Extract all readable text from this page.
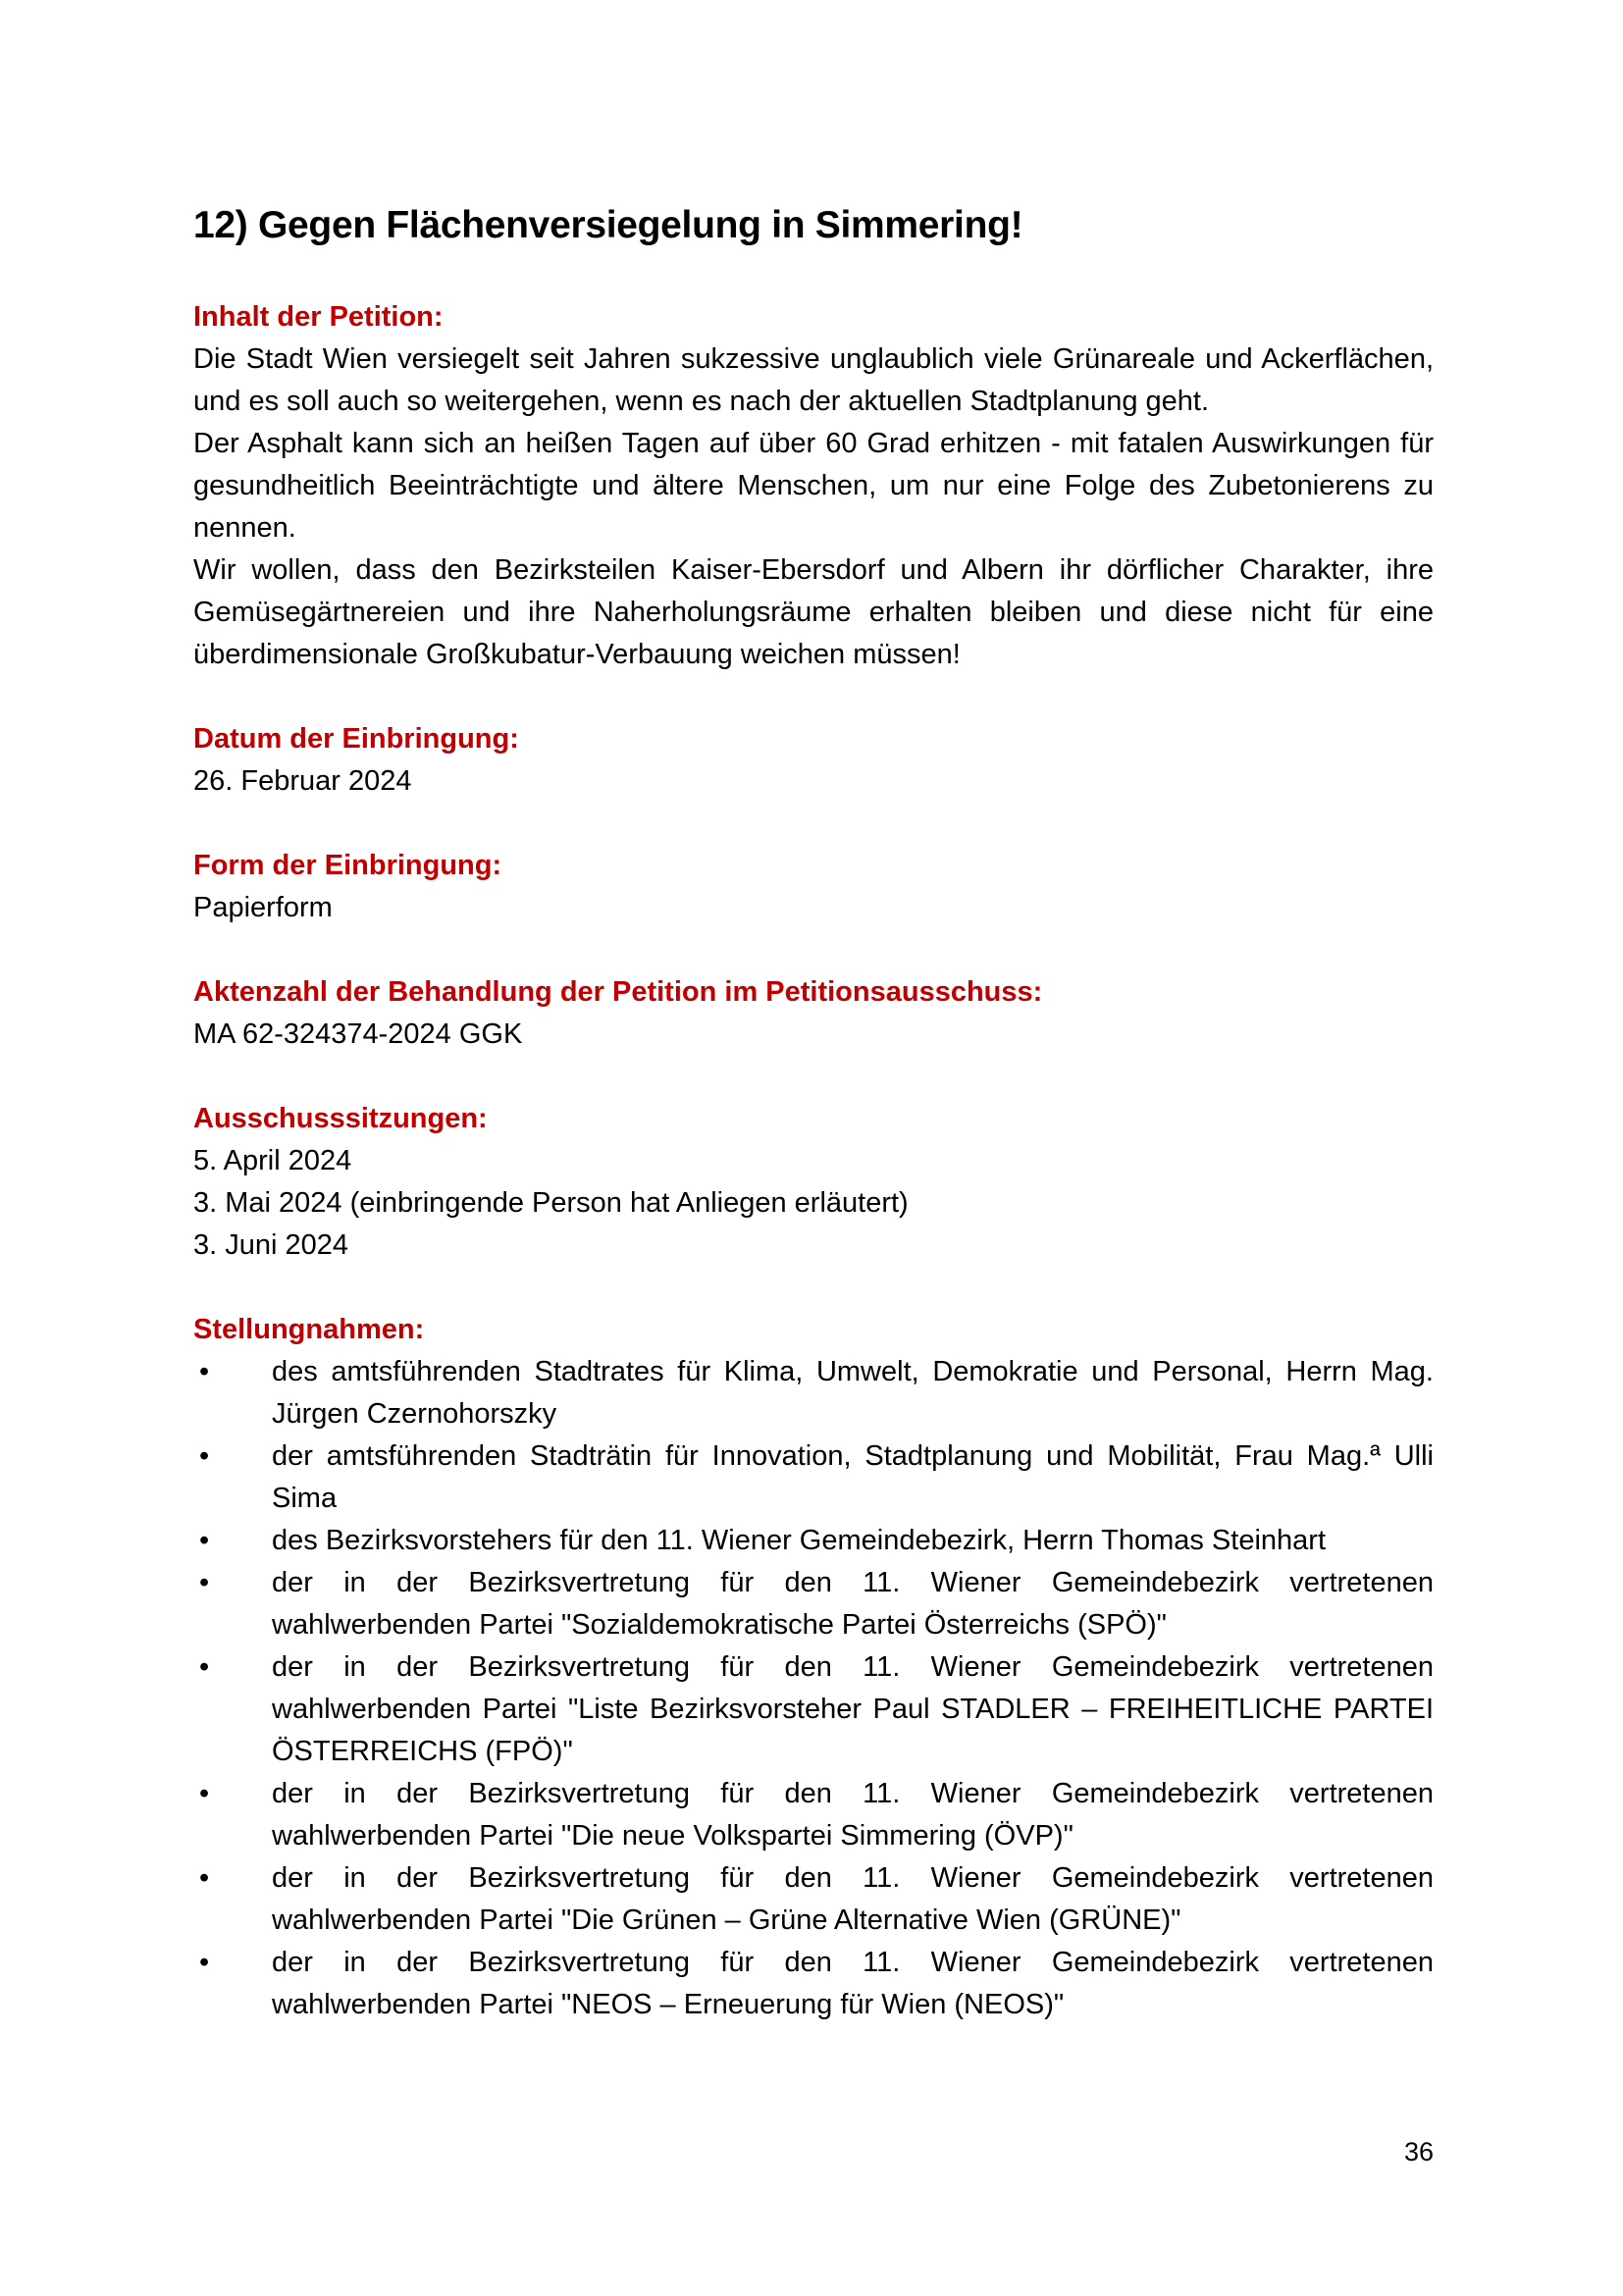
12) Gegen Flächenversiegelung in Simmering!

Inhalt der Petition:

Die Stadt Wien versiegelt seit Jahren sukzessive unglaublich viele Grünareale und Ackerflächen, und es soll auch so weitergehen, wenn es nach der aktuellen Stadtplanung geht.

Der Asphalt kann sich an heißen Tagen auf über 60 Grad erhitzen - mit fatalen Auswirkungen für gesundheitlich Beeinträchtigte und ältere Menschen, um nur eine Folge des Zubetonierens zu nennen.

Wir wollen, dass den Bezirksteilen Kaiser-Ebersdorf und Albern ihr dörflicher Charakter, ihre Gemüsegärtnereien und ihre Naherholungsräume erhalten bleiben und diese nicht für eine überdimensionale Großkubatur-Verbauung weichen müssen!

Datum der Einbringung:

26. Februar 2024

Form der Einbringung:

Papierform

Aktenzahl der Behandlung der Petition im Petitionsausschuss:

MA 62-324374-2024 GGK

Ausschusssitzungen:

5. April 2024

3. Mai 2024 (einbringende Person hat Anliegen erläutert)

3. Juni 2024

Stellungnahmen:

•	des amtsführenden Stadtrates für Klima, Umwelt, Demokratie und Personal, Herrn Mag. Jürgen Czernohorszky
•	der amtsführenden Stadträtin für Innovation, Stadtplanung und Mobilität, Frau Mag.ª Ulli Sima
•	des Bezirksvorstehers für den 11. Wiener Gemeindebezirk, Herrn Thomas Steinhart
•	der in der Bezirksvertretung für den 11. Wiener Gemeindebezirk vertretenen wahlwerbenden Partei "Sozialdemokratische Partei Österreichs (SPÖ)"
•	der in der Bezirksvertretung für den 11. Wiener Gemeindebezirk vertretenen wahlwerbenden Partei "Liste Bezirksvorsteher Paul STADLER – FREIHEITLICHE PARTEI ÖSTERREICHS (FPÖ)"
•	der in der Bezirksvertretung für den 11. Wiener Gemeindebezirk vertretenen wahlwerbenden Partei "Die neue Volkspartei Simmering (ÖVP)"
•	der in der Bezirksvertretung für den 11. Wiener Gemeindebezirk vertretenen wahlwerbenden Partei "Die Grünen – Grüne Alternative Wien (GRÜNE)"
•	der in der Bezirksvertretung für den 11. Wiener Gemeindebezirk vertretenen wahlwerbenden Partei "NEOS – Erneuerung für Wien (NEOS)"
36
